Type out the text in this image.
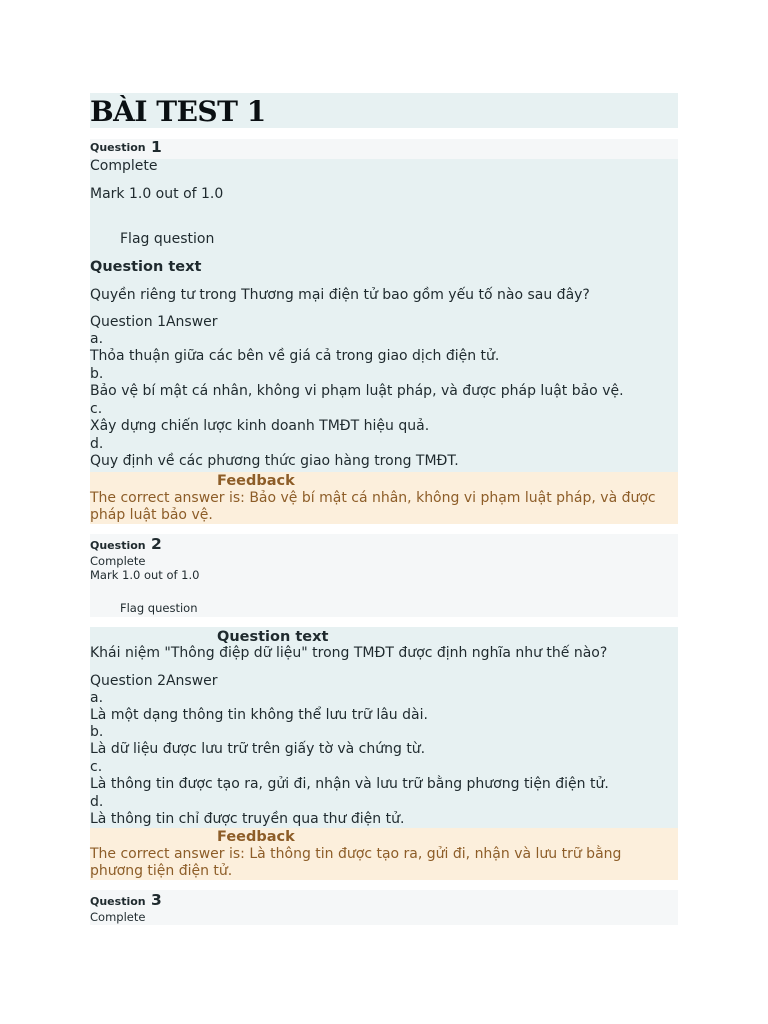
BÀI TEST 1
Question 1
Complete
Mark 1.0 out of 1.0
Flag question
Question text
Quyền riêng tư trong Thương mại điện tử bao gồm yếu tố nào sau đây?
Question 1Answer
a.
Thỏa thuận giữa các bên về giá cả trong giao dịch điện tử.
b.
Bảo vệ bí mật cá nhân, không vi phạm luật pháp, và được pháp luật bảo vệ.
c.
Xây dựng chiến lược kinh doanh TMĐT hiệu quả.
d.
Quy định về các phương thức giao hàng trong TMĐT.
Feedback
The correct answer is: Bảo vệ bí mật cá nhân, không vi phạm luật pháp, và được pháp luật bảo vệ.
Question 2
Complete
Mark 1.0 out of 1.0
Flag question
Question text
Khái niệm "Thông điệp dữ liệu" trong TMĐT được định nghĩa như thế nào?
Question 2Answer
a.
Là một dạng thông tin không thể lưu trữ lâu dài.
b.
Là dữ liệu được lưu trữ trên giấy tờ và chứng từ.
c.
Là thông tin được tạo ra, gửi đi, nhận và lưu trữ bằng phương tiện điện tử.
d.
Là thông tin chỉ được truyền qua thư điện tử.
Feedback
The correct answer is: Là thông tin được tạo ra, gửi đi, nhận và lưu trữ bằng phương tiện điện tử.
Question 3
Complete
